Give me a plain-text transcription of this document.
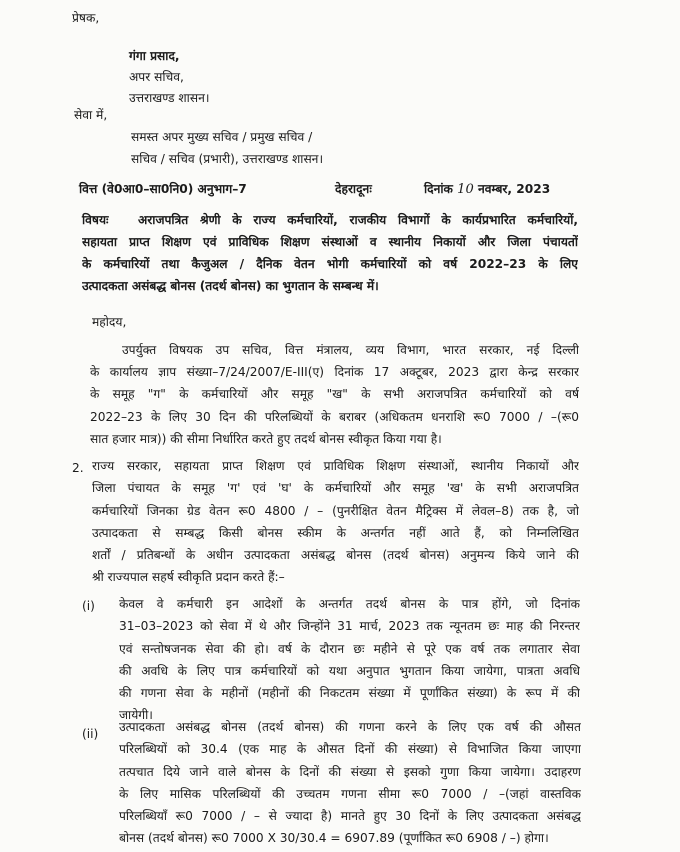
प्रेषक,
गंगा प्रसाद,
अपर सचिव,
उत्तराखण्ड शासन।
सेवा में,
समस्त अपर मुख्य सचिव / प्रमुख सचिव /
सचिव / सचिव (प्रभारी), उत्तराखण्ड शासन।
वित्त (वे0आ0–सा0नि0) अनुभाग–7	देहरादूनः	दिनांक 10 नवम्बर, 2023
विषयः अराजपत्रित श्रेणी के राज्य कर्मचारियों, राजकीय विभागों के कार्यप्रभारित कर्मचारियों,
सहायता प्राप्त शिक्षण एवं प्राविधिक शिक्षण संस्थाओं व स्थानीय निकायों और जिला पंचायतों
के कर्मचारियों तथा कैजुअल / दैनिक वेतन भोगी कर्मचारियों को वर्ष 2022–23 के लिए
उत्पादकता असंबद्ध बोनस (तदर्थ बोनस) का भुगतान के सम्बन्ध में।
महोदय,
उपर्युक्त विषयक उप सचिव, वित्त मंत्रालय, व्यय विभाग, भारत सरकार, नई दिल्ली
के कार्यालय ज्ञाप संख्या–7/24/2007/E-III(ए) दिनांक 17 अक्टूबर, 2023 द्वारा केन्द्र सरकार
के समूह "ग" के कर्मचारियों और समूह "ख" के सभी अराजपत्रित कर्मचारियों को वर्ष
2022–23 के लिए 30 दिन की परिलब्धियों के बराबर (अधिकतम धनराशि रू0 7000 / –(रू0
सात हजार मात्र)) की सीमा निर्धारित करते हुए तदर्थ बोनस स्वीकृत किया गया है।
2. राज्य सरकार, सहायता प्राप्त शिक्षण एवं प्राविधिक शिक्षण संस्थाओं, स्थानीय निकायों और
जिला पंचायत के समूह 'ग' एवं 'घ' के कर्मचारियों और समूह 'ख' के सभी अराजपत्रित
कर्मचारियों जिनका ग्रेड वेतन रू0 4800 / – (पुनरीक्षित वेतन मैट्रिक्स में लेवल–8) तक है, जो
उत्पादकता से सम्बद्ध किसी बोनस स्कीम के अन्तर्गत नहीं आते हैं, को निम्नलिखित
शर्तों / प्रतिबन्धों के अधीन उत्पादकता असंबद्ध बोनस (तदर्थ बोनस) अनुमन्य किये जाने की
श्री राज्यपाल सहर्ष स्वीकृति प्रदान करते हैं:–
(i) केवल वे कर्मचारी इन आदेशों के अन्तर्गत तदर्थ बोनस के पात्र होंगे, जो दिनांक
31–03–2023 को सेवा में थे और जिन्होंने 31 मार्च, 2023 तक न्यूनतम छः माह की निरन्तर
एवं सन्तोषजनक सेवा की हो। वर्ष के दौरान छः महीने से पूरे एक वर्ष तक लगातार सेवा
की अवधि के लिए पात्र कर्मचारियों को यथा अनुपात भुगतान किया जायेगा, पात्रता अवधि
की गणना सेवा के महीनों (महीनों की निकटतम संख्या में पूर्णांकित संख्या) के रूप में की
जायेगी।
(ii) उत्पादकता असंबद्ध बोनस (तदर्थ बोनस) की गणना करने के लिए एक वर्ष की औसत
परिलब्धियों को 30.4 (एक माह के औसत दिनों की संख्या) से विभाजित किया जाएगा
तत्पचात दिये जाने वाले बोनस के दिनों की संख्या से इसको गुणा किया जायेगा। उदाहरण
के लिए मासिक परिलब्धियों की उच्चतम गणना सीमा रू0 7000 / –(जहां वास्तविक
परिलब्धियाँ रू0 7000 / – से ज्यादा है) मानते हुए 30 दिनों के लिए उत्पादकता असंबद्ध
बोनस (तदर्थ बोनस) रू0 7000 X 30/30.4 = 6907.89 (पूर्णांकित रू0 6908 / –) होगा।
